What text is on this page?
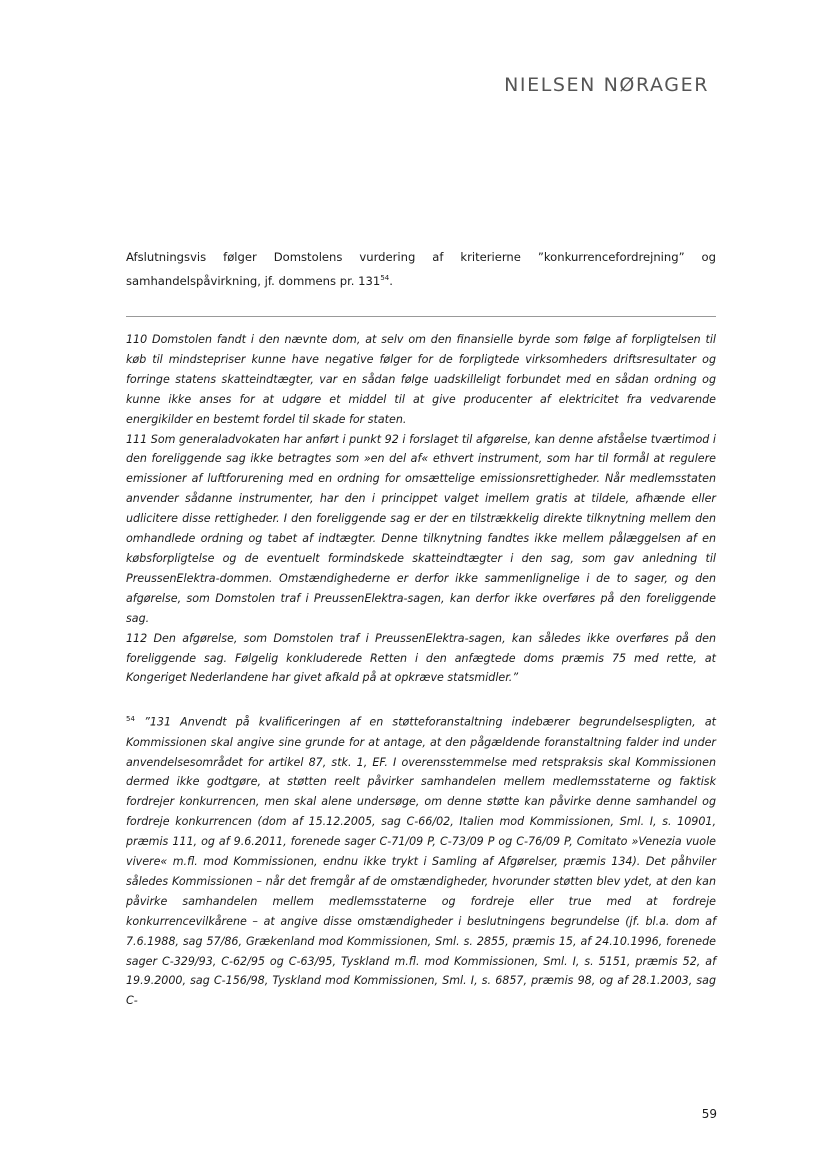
NIELSEN NØRAGER
Afslutningsvis følger Domstolens vurdering af kriterierne ”konkurrencefordrejning” og samhandelspåvirkning, jf. dommens pr. $131^{54}$.

110 Domstolen fandt i den nævnte dom, at selv om den finansielle byrde som følge af forpligtelsen til køb til mindstepriser kunne have negative følger for de forpligtede virksomheders driftsresultater og forringe statens skatteindtægter, var en sådan følge uadskilleligt forbundet med en sådan ordning og kunne ikke anses for at udgøre et middel til at give producenter af elektricitet fra vedvarende energikilder en bestemt fordel til skade for staten.

111 Som generaladvokaten har anført i punkt 92 i forslaget til afgørelse, kan denne afståelse tværtimod i den foreliggende sag ikke betragtes som »en del af« ethvert instrument, som har til formål at regulere emissioner af luftforurening med en ordning for omsættelige emissionsrettigheder. Når medlemsstaten anvender sådanne instrumenter, har den i princippet valget imellem gratis at tildele, afhænde eller udlicitere disse rettigheder. I den foreliggende sag er der en tilstrækkelig direkte tilknytning mellem den omhandlede ordning og tabet af indtægter. Denne tilknytning fandtes ikke mellem pålæggelsen af en købsforpligtelse og de eventuelt formindskede skatteindtægter i den sag, som gav anledning til PreussenElektra-dommen. Omstændighederne er derfor ikke sammenlignelige i de to sager, og den afgørelse, som Domstolen traf i PreussenElektra-sagen, kan derfor ikke overføres på den foreliggende sag.

112 Den afgørelse, som Domstolen traf i PreussenElektra-sagen, kan således ikke overføres på den foreliggende sag. Følgelig konkluderede Retten i den anfægtede doms præmis 75 med rette, at Kongeriget Nederlandene har givet afkald på at opkræve statsmidler.”

$^{54}$ ”131 Anvendt på kvalificeringen af en støtteforanstaltning indebærer begrundelsespligten, at Kommissionen skal angive sine grunde for at antage, at den pågældende foranstaltning falder ind under anvendelsesområdet for artikel 87, stk. 1, EF. I overensstemmelse med retspraksis skal Kommissionen dermed ikke godtgøre, at støtten reelt påvirker samhandelen mellem medlemsstaterne og faktisk fordrejer konkurrencen, men skal alene undersøge, om denne støtte kan påvirke denne samhandel og fordreje konkurrencen (dom af 15.12.2005, sag C-66/02, Italien mod Kommissionen, Sml. I, s. 10901, præmis 111, og af 9.6.2011, forenede sager C-71/09 P, C-73/09 P og C-76/09 P, Comitato »Venezia vuole vivere« m.fl. mod Kommissionen, endnu ikke trykt i Samling af Afgørelser, præmis 134). Det påhviler således Kommissionen – når det fremgår af de omstændigheder, hvorunder støtten blev ydet, at den kan påvirke samhandelen mellem medlemsstaterne og fordreje eller true med at fordreje konkurrencevilkårene – at angive disse omstændigheder i beslutningens begrundelse (jf. bl.a. dom af 7.6.1988, sag 57/86, Grækenland mod Kommissionen, Sml. s. 2855, præmis 15, af 24.10.1996, forenede sager C-329/93, C-62/95 og C-63/95, Tyskland m.fl. mod Kommissionen, Sml. I, s. 5151, præmis 52, af 19.9.2000, sag C-156/98, Tyskland mod Kommissionen, Sml. I, s. 6857, præmis 98, og af 28.1.2003, sag C-
59
